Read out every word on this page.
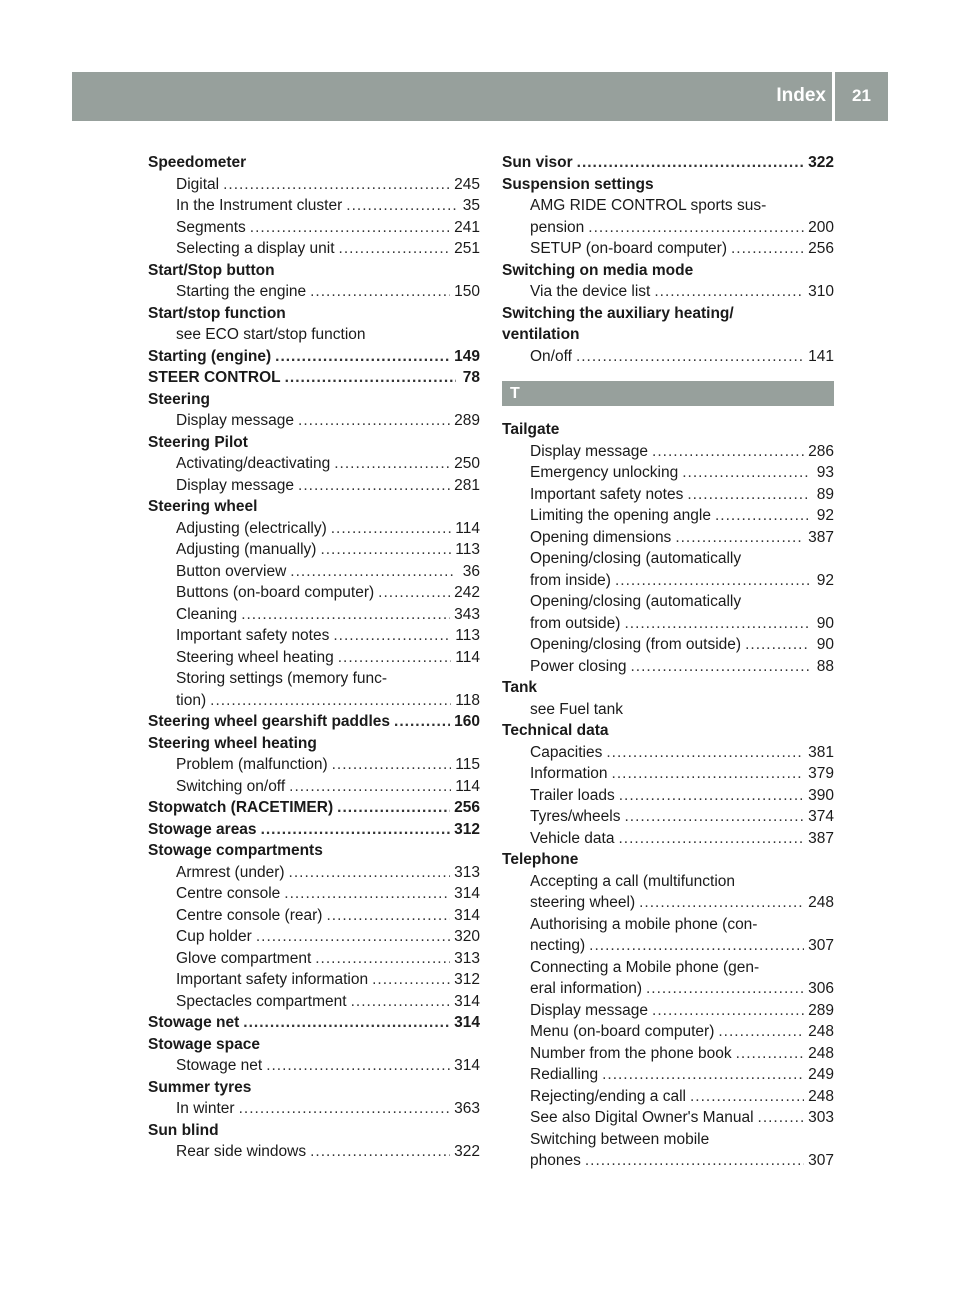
Index	21
Speedometer
Digital .....	245
In the Instrument cluster .....	35
Segments .....	241
Selecting a display unit .....	251
Start/Stop button
Starting the engine .....	150
Start/stop function
see ECO start/stop function
Starting (engine) .....	149
STEER CONTROL .....	78
Steering
Display message .....	289
Steering Pilot
Activating/deactivating .....	250
Display message .....	281
Steering wheel
Adjusting (electrically) .....	114
Adjusting (manually) .....	113
Button overview .....	36
Buttons (on-board computer) .....	242
Cleaning .....	343
Important safety notes .....	113
Steering wheel heating .....	114
Storing settings (memory func-
tion) .....	118
Steering wheel gearshift paddles .....	160
Steering wheel heating
Problem (malfunction) .....	115
Switching on/off .....	114
Stopwatch (RACETIMER) .....	256
Stowage areas .....	312
Stowage compartments
Armrest (under) .....	313
Centre console .....	314
Centre console (rear) .....	314
Cup holder .....	320
Glove compartment .....	313
Important safety information .....	312
Spectacles compartment .....	314
Stowage net .....	314
Stowage space
Stowage net .....	314
Summer tyres
In winter .....	363
Sun blind
Rear side windows .....	322
Sun visor .....	322
Suspension settings
AMG RIDE CONTROL sports sus-
pension .....	200
SETUP (on-board computer) .....	256
Switching on media mode
Via the device list .....	310
Switching the auxiliary heating/
ventilation
On/off .....	141
T
Tailgate
Display message .....	286
Emergency unlocking .....	93
Important safety notes .....	89
Limiting the opening angle .....	92
Opening dimensions .....	387
Opening/closing (automatically
from inside) .....	92
Opening/closing (automatically
from outside) .....	90
Opening/closing (from outside) .....	90
Power closing .....	88
Tank
see Fuel tank
Technical data
Capacities .....	381
Information .....	379
Trailer loads .....	390
Tyres/wheels .....	374
Vehicle data .....	387
Telephone
Accepting a call (multifunction
steering wheel) .....	248
Authorising a mobile phone (con-
necting) .....	307
Connecting a Mobile phone (gen-
eral information) .....	306
Display message .....	289
Menu (on-board computer) .....	248
Number from the phone book .....	248
Redialling .....	249
Rejecting/ending a call .....	248
See also Digital Owner's Manual .....	303
Switching between mobile
phones .....	307
